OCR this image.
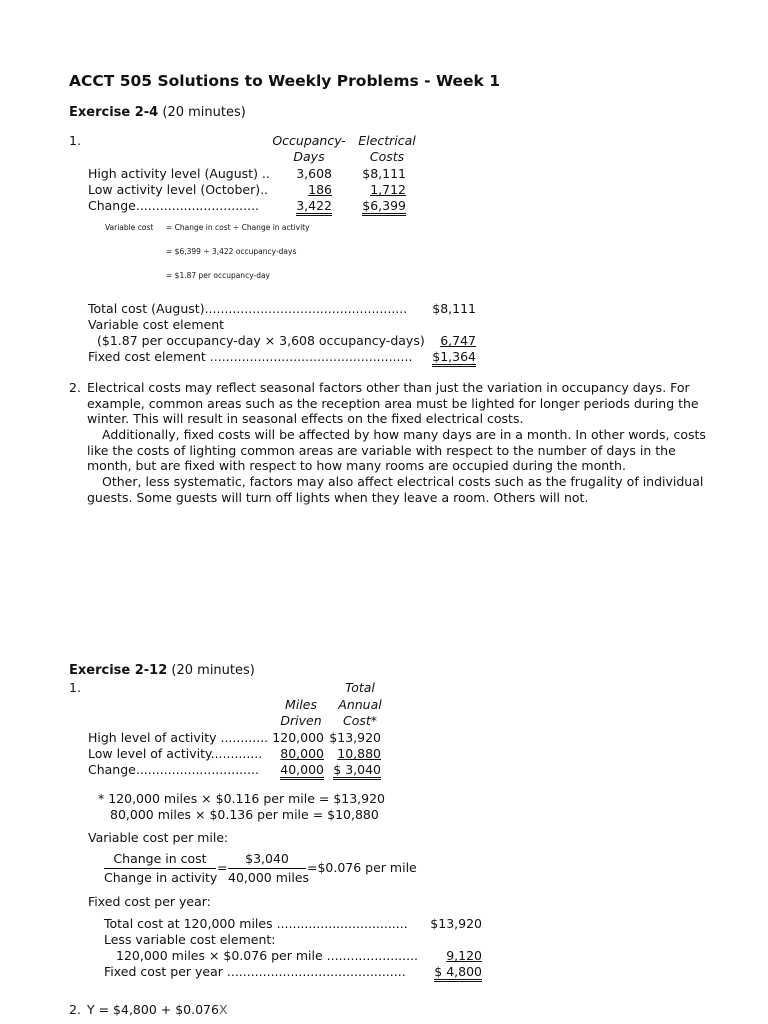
ACCT 505 Solutions to Weekly Problems - Week 1
Exercise 2-4 (20 minutes)
1.	Occupancy-
Days
Electrical
Costs
High activity level (August) ..	3,608	$8,111
Low activity level (October)..	186	1,712
Change...............................	3,422	$6,399
Variable cost = Change in cost ÷ Change in activity
= $6,399 ÷ 3,422 occupancy-days
= $1.87 per occupancy-day
Total cost (August)...................................................	$8,111
Variable cost element
($1.87 per occupancy-day × 3,608 occupancy-days)	6,747
Fixed cost element ...................................................	$1,364
2. Electrical costs may reflect seasonal factors other than just the variation in occupancy days. For example, common areas such as the reception area must be lighted for longer periods during the winter. This will result in seasonal effects on the fixed electrical costs.
Additionally, fixed costs will be affected by how many days are in a month. In other words, costs like the costs of lighting common areas are variable with respect to the number of days in the month, but are fixed with respect to how many rooms are occupied during the month.
Other, less systematic, factors may also affect electrical costs such as the frugality of individual guests. Some guests will turn off lights when they leave a room. Others will not.
Exercise 2-12 (20 minutes)
1.	Total
Miles	Annual
Driven	Cost*
High level of activity ............ 120,000 $13,920
Low level of activity.............	80,000	10,880
Change...............................	40,000 $ 3,040
* 120,000 miles × $0.116 per mile = $13,920
80,000 miles × $0.136 per mile = $10,880
Variable cost per mile:
Change in cost
Change in activity
=
$3,040
40,000 miles
=$0.076 per mile
Fixed cost per year:
Total cost at 120,000 miles .................................	$13,920
Less variable cost element:
120,000 miles × $0.076 per mile .......................	9,120
Fixed cost per year .............................................	$ 4,800
2. Y = $4,800 + $0.076X
